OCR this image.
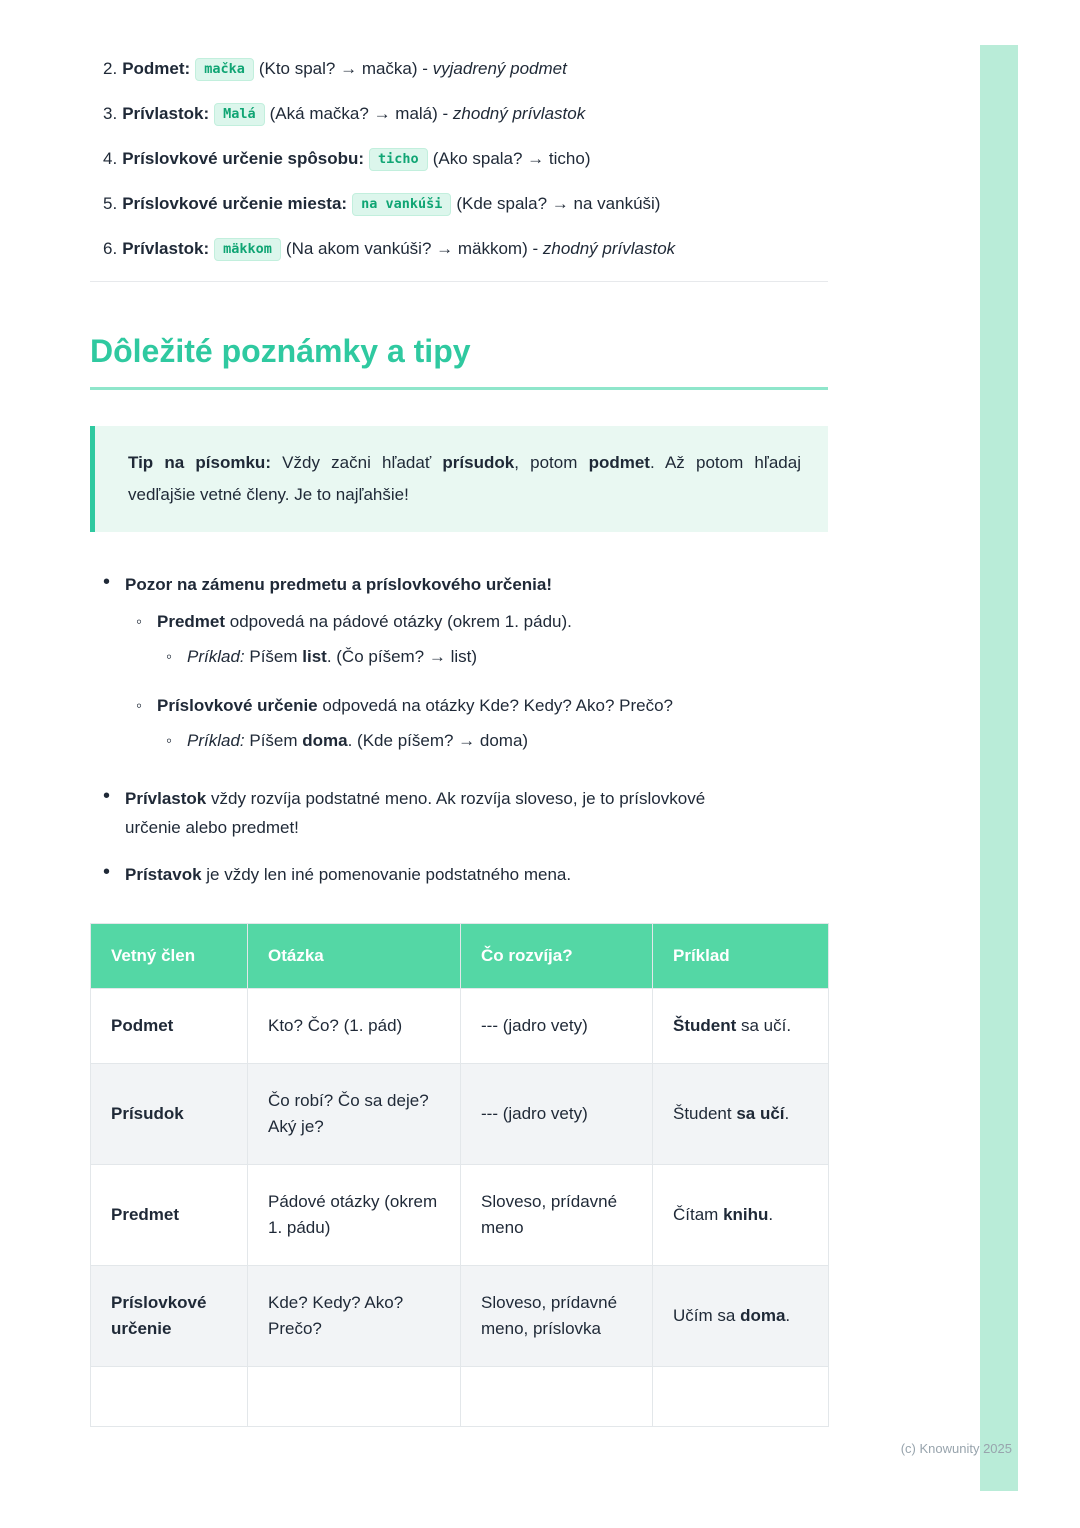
2. Podmet: mačka (Kto spal? → mačka) - vyjadrený podmet
3. Prívlastok: Malá (Aká mačka? → malá) - zhodný prívlastok
4. Príslovkové určenie spôsobu: ticho (Ako spala? → ticho)
5. Príslovkové určenie miesta: na vankúši (Kde spala? → na vankúši)
6. Prívlastok: mäkkom (Na akom vankúši? → mäkkom) - zhodný prívlastok
Dôležité poznámky a tipy

Tip na písomku: Vždy začni hľadať prísudok, potom podmet. Až potom hľadaj vedľajšie vetné členy. Je to najľahšie!

• Pozor na zámenu predmetu a príslovkového určenia!
◦ Predmet odpovedá na pádové otázky (okrem 1. pádu).
◦ Príklad: Píšem list. (Čo píšem? → list)
◦ Príslovkové určenie odpovedá na otázky Kde? Kedy? Ako? Prečo?
◦ Príklad: Píšem doma. (Kde píšem? → doma)
• Prívlastok vždy rozvíja podstatné meno. Ak rozvíja sloveso, je to príslovkové určenie alebo predmet!
• Prístavok je vždy len iné pomenovanie podstatného mena.
Vetný člen	Otázka	Čo rozvíja?	Príklad
Podmet	Kto? Čo? (1. pád)	--- (jadro vety)	Študent sa učí.
Prísudok	Čo robí? Čo sa deje? Aký je?	--- (jadro vety)	Študent sa učí.
Predmet	Pádové otázky (okrem 1. pádu)	Sloveso, prídavné meno	Čítam knihu.
Príslovkové určenie	Kde? Kedy? Ako? Prečo?	Sloveso, prídavné meno, príslovka	Učím sa doma.

(c) Knowunity 2025
